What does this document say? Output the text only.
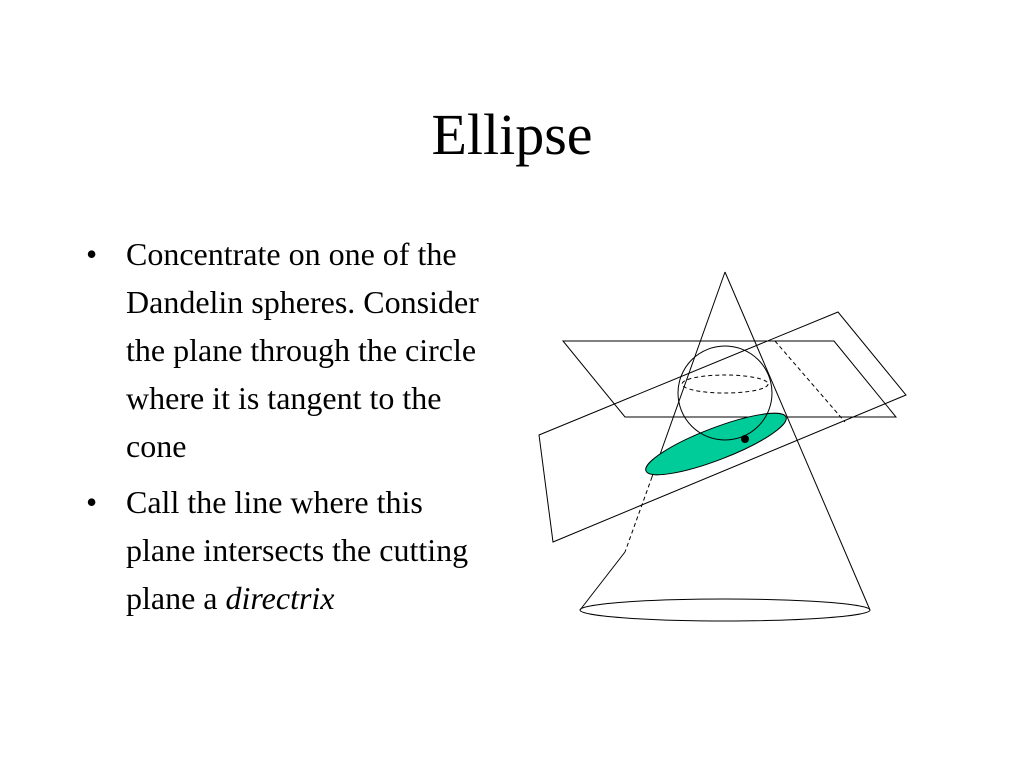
Ellipse
• Concentrate on one of the Dandelin spheres. Consider the plane through the circle where it is tangent to the cone
• Call the line where this plane intersects the cutting plane a directrix
